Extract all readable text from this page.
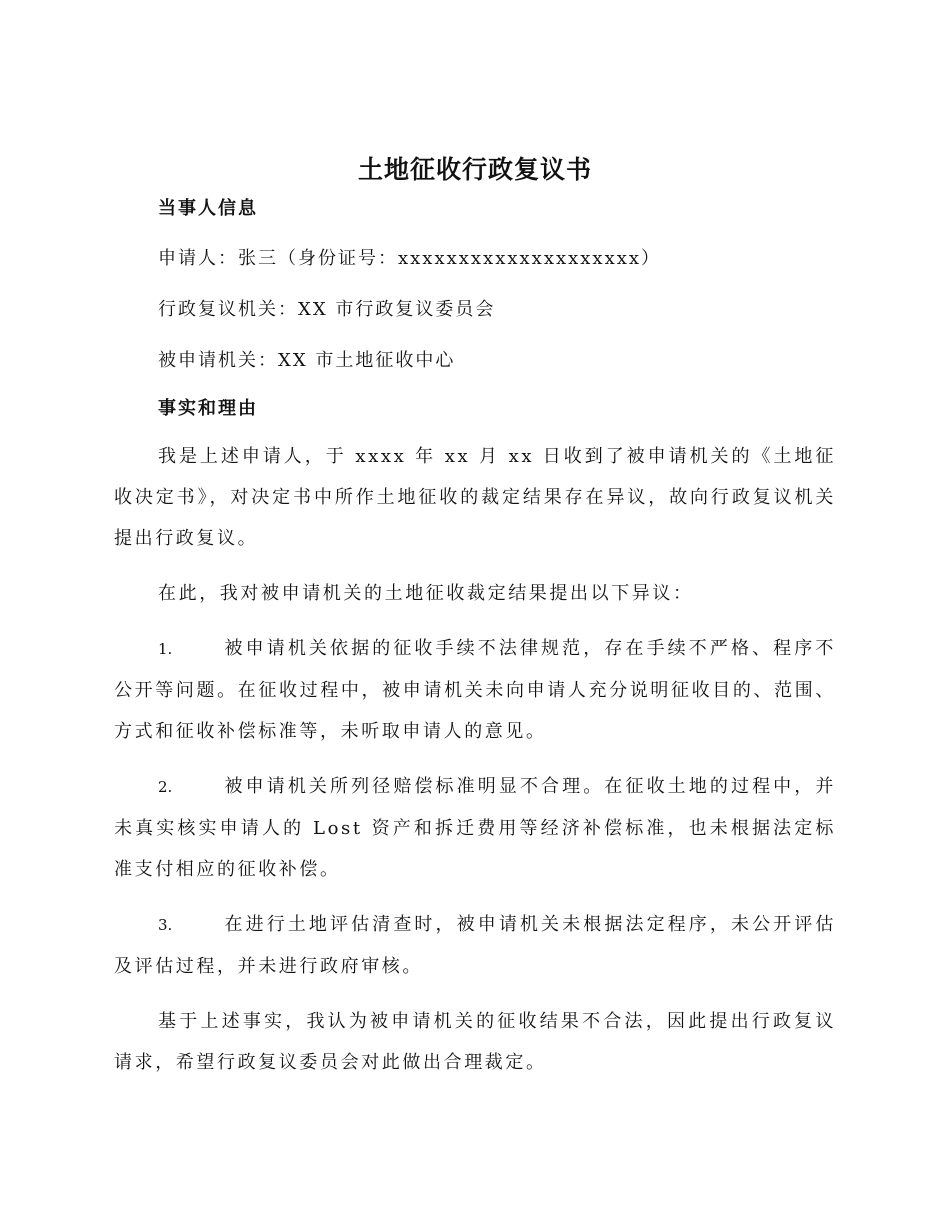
土地征收行政复议书
当事人信息

申请人：张三（身份证号：xxxxxxxxxxxxxxxxxxxx）

行政复议机关：XX 市行政复议委员会

被申请机关：XX 市土地征收中心

事实和理由

我是上述申请人，于 xxxx 年 xx 月 xx 日收到了被申请机关的《土地征收决定书》，对决定书中所作土地征收的裁定结果存在异议，故向行政复议机关提出行政复议。

在此，我对被申请机关的土地征收裁定结果提出以下异议：

1.	被申请机关依据的征收手续不法律规范，存在手续不严格、程序不公开等问题。在征收过程中，被申请机关未向申请人充分说明征收目的、范围、方式和征收补偿标准等，未听取申请人的意见。

2.	被申请机关所列径赔偿标准明显不合理。在征收土地的过程中，并未真实核实申请人的 Lost 资产和拆迁费用等经济补偿标准，也未根据法定标准支付相应的征收补偿。

3.	在进行土地评估清查时，被申请机关未根据法定程序，未公开评估及评估过程，并未进行政府审核。

基于上述事实，我认为被申请机关的征收结果不合法，因此提出行政复议请求，希望行政复议委员会对此做出合理裁定。
